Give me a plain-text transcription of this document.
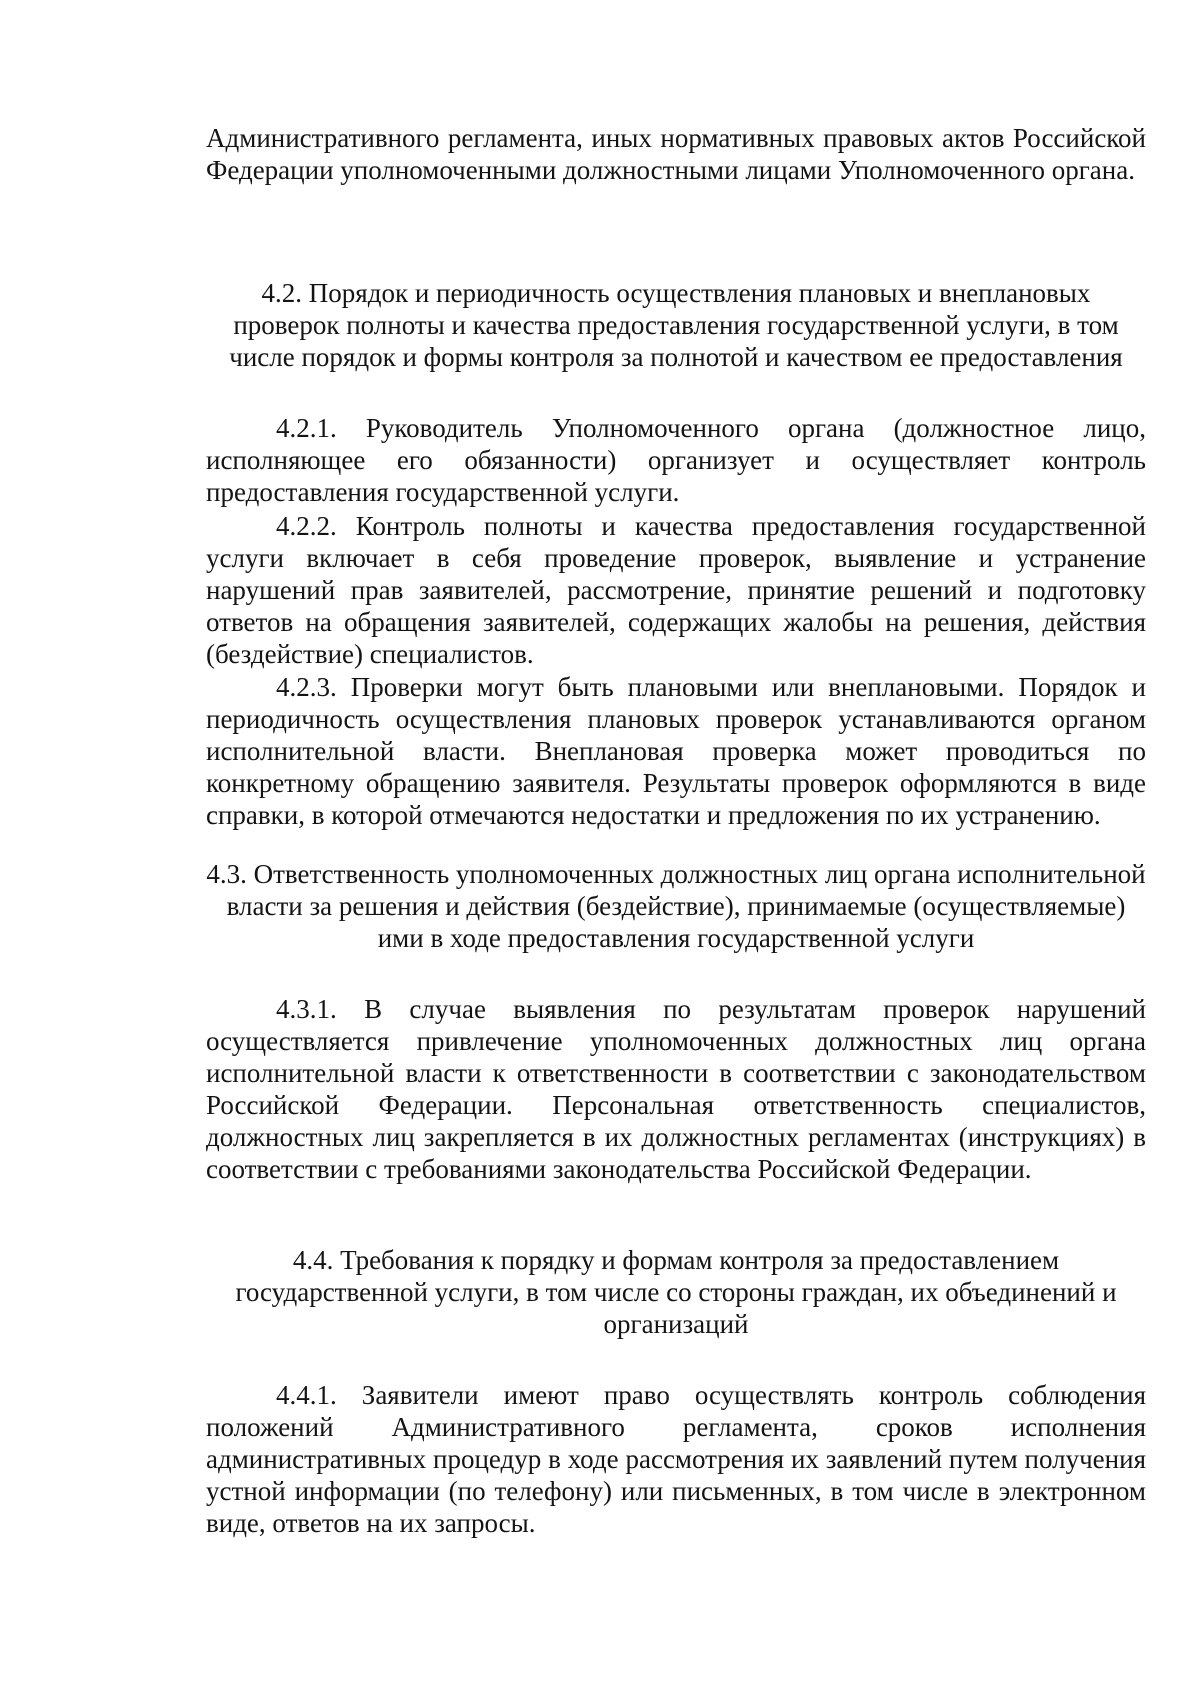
Административного регламента, иных нормативных правовых актов Российской Федерации уполномоченными должностными лицами Уполномоченного органа.

4.2. Порядок и периодичность осуществления плановых и внеплановых проверок полноты и качества предоставления государственной услуги, в том числе порядок и формы контроля за полнотой и качеством ее предоставления

4.2.1. Руководитель Уполномоченного органа (должностное лицо, исполняющее его обязанности) организует и осуществляет контроль предоставления государственной услуги.

4.2.2. Контроль полноты и качества предоставления государственной услуги включает в себя проведение проверок, выявление и устранение нарушений прав заявителей, рассмотрение, принятие решений и подготовку ответов на обращения заявителей, содержащих жалобы на решения, действия (бездействие) специалистов.

4.2.3. Проверки могут быть плановыми или внеплановыми. Порядок и периодичность осуществления плановых проверок устанавливаются органом исполнительной власти. Внеплановая проверка может проводиться по конкретному обращению заявителя. Результаты проверок оформляются в виде справки, в которой отмечаются недостатки и предложения по их устранению.

4.3. Ответственность уполномоченных должностных лиц органа исполнительной власти за решения и действия (бездействие), принимаемые (осуществляемые) ими в ходе предоставления государственной услуги

4.3.1. В случае выявления по результатам проверок нарушений осуществляется привлечение уполномоченных должностных лиц органа исполнительной власти к ответственности в соответствии с законодательством Российской Федерации. Персональная ответственность специалистов, должностных лиц закрепляется в их должностных регламентах (инструкциях) в соответствии с требованиями законодательства Российской Федерации.

4.4. Требования к порядку и формам контроля за предоставлением государственной услуги, в том числе со стороны граждан, их объединений и организаций

4.4.1. Заявители имеют право осуществлять контроль соблюдения положений Административного регламента, сроков исполнения административных процедур в ходе рассмотрения их заявлений путем получения устной информации (по телефону) или письменных, в том числе в электронном виде, ответов на их запросы.
